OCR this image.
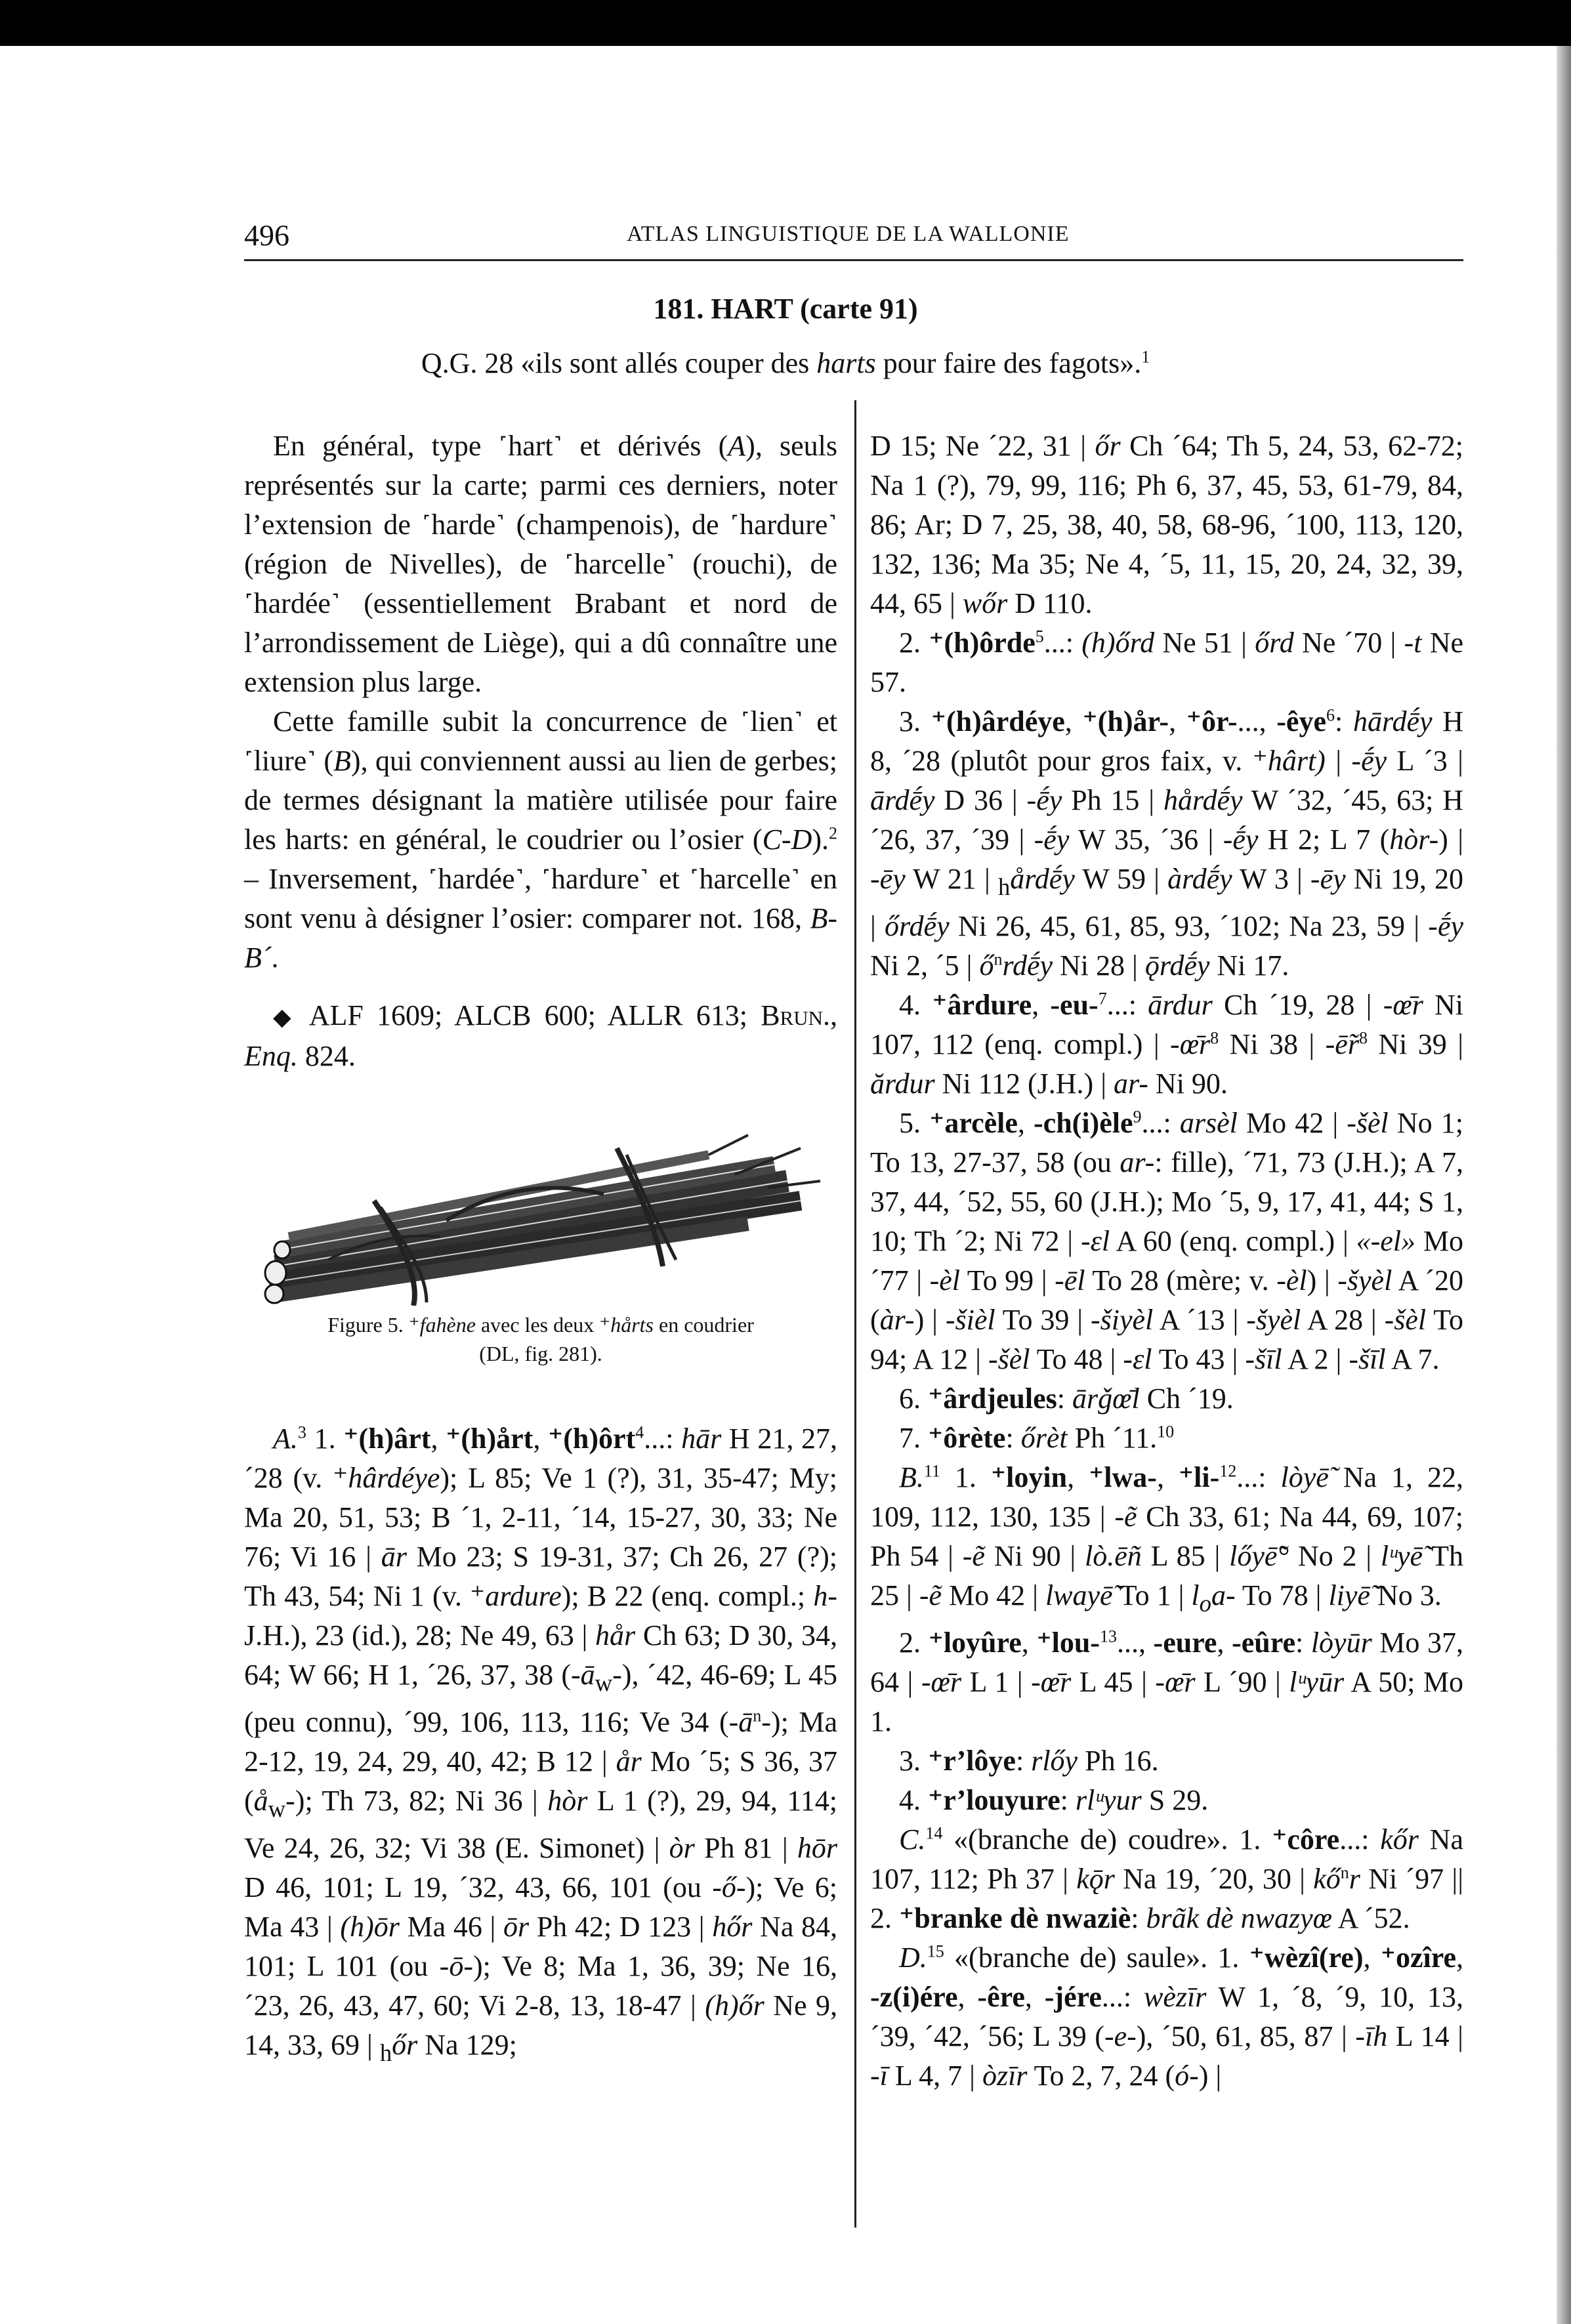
496	ATLAS LINGUISTIQUE DE LA WALLONIE
181. HART (carte 91)
Q.G. 28 «ils sont allés couper des harts pour faire des fagots».$^1$

En général, type ˹hart˺ et dérivés (A), seuls représentés sur la carte; parmi ces derniers, noter l’extension de ˹harde˺ (champenois), de ˹hardure˺ (région de Nivelles), de ˹harcelle˺ (rouchi), de ˹hardée˺ (essentiellement Brabant et nord de l’arrondissement de Liège), qui a dû connaître une extension plus large.

Cette famille subit la concurrence de ˹lien˺ et ˹liure˺ (B), qui conviennent aussi au lien de gerbes; de termes désignant la matière utilisée pour faire les harts: en général, le coudrier ou l’osier (C-D).$^2$ – Inversement, ˹hardée˺, ˹hardure˺ et ˹harcelle˺ en sont venu à désigner l’osier: comparer not. 168, B-B´.

◆ ALF 1609; ALCB 600; ALLR 613; Brun., Enq. 824.

Figure 5. ⁺fahène avec les deux ⁺hårts en coudrier
(DL, fig. 281).

A.$^3$ 1. ⁺(h)ârt, ⁺(h)årt, ⁺(h)ôrt$^4$...: hār H 21, 27, ´28 (v. ⁺hârdéye); L 85; Ve 1 (?), 31, 35-47; My; Ma 20, 51, 53; B ´1, 2-11, ´14, 15-27, 30, 33; Ne 76; Vi 16 | ār Mo 23; S 19-31, 37; Ch 26, 27 (?); Th 43, 54; Ni 1 (v. ⁺ardure); B 22 (enq. compl.; h- J.H.), 23 (id.), 28; Ne 49, 63 | hår Ch 63; D 30, 34, 64; W 66; H 1, ´26, 37, 38 $(-ā_w-)$, ´42, 46-69; L 45 (peu connu), ´99, 106, 113, 116; Ve 34 $(-ā^n-)$; Ma 2-12, 19, 24, 29, 40, 42; B 12 | år Mo ´5; S 36, 37 $(å_w-)$; Th 73, 82; Ni 36 | hòr L 1 (?), 29, 94, 114; Ve 24, 26, 32; Vi 38 (E. Simonet) | òr Ph 81 | hōr D 46, 101; L 19, ´32, 43, 66, 101 (ou -ő-); Ve 6; Ma 43 | (h)ōr Ma 46 | ōr Ph 42; D 123 | hőr Na 84, 101; L 101 (ou -ō-); Ve 8; Ma 1, 36, 39; Ne 16, ´23, 26, 43, 47, 60; Vi 2-8, 13, 18-47 | (h)őr Ne 9, 14, 33, 69 | $_h$őr Na 129;

D 15; Ne ´22, 31 | őr Ch ´64; Th 5, 24, 53, 62-72; Na 1 (?), 79, 99, 116; Ph 6, 37, 45, 53, 61-79, 84, 86; Ar; D 7, 25, 38, 40, 58, 68-96, ´100, 113, 120, 132, 136; Ma 35; Ne 4, ´5, 11, 15, 20, 24, 32, 39, 44, 65 | wőr D 110.

2. ⁺(h)ôrde$^5$...: (h)őrd Ne 51 | őrd Ne ´70 | -t Ne 57.

3. ⁺(h)ârdéye, ⁺(h)år-, ⁺ôr-..., -êye$^6$: hārdḗy H 8, ´28 (plutôt pour gros faix, v. ⁺hârt) | -ḗy L ´3 | ārdḗy D 36 | -ḗy Ph 15 | hårdḗy W ´32, ´45, 63; H ´26, 37, ´39 | -ḗy W 35, ´36 | -ḗy H 2; L 7 (hòr-) | -ēy W 21 | $_h$årdḗy W 59 | àrdḗy W 3 | -ēy Ni 19, 20 | őrdḗy Ni 26, 45, 61, 85, 93, ´102; Na 23, 59 | -ḗy Ni 2, ´5 | $ő^nrdḗy$ Ni 28 | ǭrdḗy Ni 17.

4. ⁺ârdure, -eu-$^7$...: ārdur Ch ´19, 28 | -œ̄r Ni 107, 112 (enq. compl.) | $-œ̄r^8$ Ni 38 | $-ē̃r^8$ Ni 39 | ărdur Ni 112 (J.H.) | ar- Ni 90.

5. ⁺arcèle, -ch(i)èle$^9$...: arsèl Mo 42 | -šèl No 1; To 13, 27-37, 58 (ou ar-: fille), ´71, 73 (J.H.); A 7, 37, 44, ´52, 55, 60 (J.H.); Mo ´5, 9, 17, 41, 44; S 1, 10; Th ´2; Ni 72 | -εl A 60 (enq. compl.) | «-el» Mo ´77 | -èl To 99 | -ēl To 28 (mère; v. -èl) | -šyèl A ´20 (àr-) | -šièl To 39 | -šiyèl A ´13 | -šyèl A 28 | -šèl To 94; A 12 | -šèl To 48 | -εl To 43 | -šīl A 2 | -šīl A 7.

6. ⁺ârdjeules: ārǧœ̄l Ch ´19.

7. ⁺ôrète: őrèt Ph ´11.10

B.$^{11}$ 1. ⁺loyin, ⁺lwa-, ⁺li-$^{12}$...: lòyē̃ Na 1, 22, 109, 112, 130, 135 | -ẽ Ch 33, 61; Na 44, 69, 107; Ph 54 | -ẽ Ni 90 | lò.ēñ L 85 | lőyē̃° No 2 | lᵘyē̃ Th 25 | -ẽ Mo 42 | lwayē̃ To 1 | $l_oa-$ To 78 | liyē̃ No 3.

2. ⁺loyûre, ⁺lou-$^{13}$..., -eure, -eûre: lòyūr Mo 37, 64 | -œ̄r L 1 | -œ̄r L 45 | -œ̄r L ´90 | lᵘyūr A 50; Mo 1.

3. ⁺r’lôye: rlőy Ph 16.

4. ⁺r’louyure: rlᵘyur S 29.

C.$^{14}$ «(branche de) coudre». 1. ⁺côre...: kőr Na 107, 112; Ph 37 | kǭr Na 19, ´20, 30 | $kő^nr$ Ni ´97 || 2. ⁺branke dè nwaziè: brãk dè nwazyœ A ´52.

D.$^{15}$ «(branche de) saule». 1. ⁺wèzî(re), ⁺ozîre, -z(i)ére, -êre, -jére...: wèzīr W 1, ´8, ´9, 10, 13, ´39, ´42, ´56; L 39 (-e-), ´50, 61, 85, 87 | -īh L 14 | -ī L 4, 7 | òzīr To 2, 7, 24 (ó-) |
